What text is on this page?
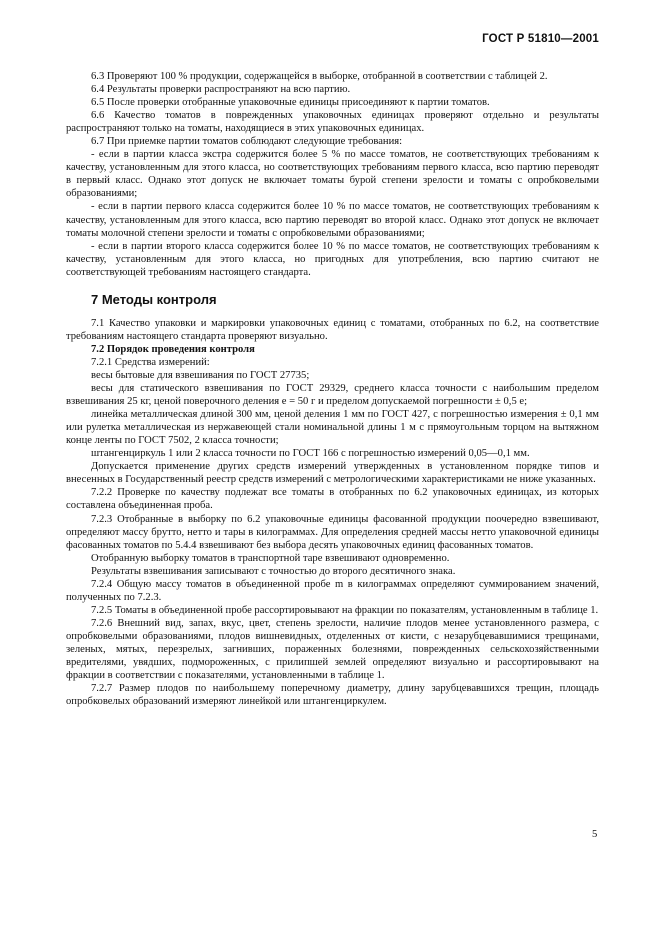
ГОСТ Р 51810—2001

6.3 Проверяют 100 % продукции, содержащейся в выборке, отобранной в соответствии с таблицей 2.

6.4 Результаты проверки распространяют на всю партию.

6.5 После проверки отобранные упаковочные единицы присоединяют к партии томатов.

6.6 Качество томатов в поврежденных упаковочных единицах проверяют отдельно и результаты распространяют только на томаты, находящиеся в этих упаковочных единицах.

6.7 При приемке партии томатов соблюдают следующие требования:

- если в партии класса экстра содержится более 5 % по массе томатов, не соответствующих требованиям к качеству, установленным для этого класса, но соответствующих требованиям первого класса, всю партию переводят в первый класс. Однако этот допуск не включает томаты бурой степени зрелости и томаты с опробковелыми образованиями;

- если в партии первого класса содержится более 10 % по массе томатов, не соответствующих требованиям к качеству, установленным для этого класса, всю партию переводят во второй класс. Однако этот допуск не включает томаты молочной степени зрелости и томаты с опробковелыми образованиями;

- если в партии второго класса содержится более 10 % по массе томатов, не соответствующих требованиям к качеству, установленным для этого класса, но пригодных для употребления, всю партию считают не соответствующей требованиям настоящего стандарта.

7 Методы контроля

7.1 Качество упаковки и маркировки упаковочных единиц с томатами, отобранных по 6.2, на соответствие требованиям настоящего стандарта проверяют визуально.

7.2 Порядок проведения контроля

7.2.1 Средства измерений:

весы бытовые для взвешивания по ГОСТ 27735;

весы для статического взвешивания по ГОСТ 29329, среднего класса точности с наибольшим пределом взвешивания 25 кг, ценой поверочного деления e = 50 г и пределом допускаемой погрешности ± 0,5 e;

линейка металлическая длиной 300 мм, ценой деления 1 мм по ГОСТ 427, с погрешностью измерения ± 0,1 мм или рулетка металлическая из нержавеющей стали номинальной длины 1 м с прямоугольным торцом на вытяжном конце ленты по ГОСТ 7502, 2 класса точности;

штангенциркуль 1 или 2 класса точности по ГОСТ 166 с погрешностью измерений 0,05—0,1 мм.

Допускается применение других средств измерений утвержденных в установленном порядке типов и внесенных в Государственный реестр средств измерений с метрологическими характеристиками не ниже указанных.

7.2.2 Проверке по качеству подлежат все томаты в отобранных по 6.2 упаковочных единицах, из которых составлена объединенная проба.

7.2.3 Отобранные в выборку по 6.2 упаковочные единицы фасованной продукции поочередно взвешивают, определяют массу брутто, нетто и тары в килограммах. Для определения средней массы нетто упаковочной единицы фасованных томатов по 5.4.4 взвешивают без выбора десять упаковочных единиц фасованных томатов.

Отобранную выборку томатов в транспортной таре взвешивают одновременно.

Результаты взвешивания записывают с точностью до второго десятичного знака.

7.2.4 Общую массу томатов в объединенной пробе m в килограммах определяют суммированием значений, полученных по 7.2.3.

7.2.5 Томаты в объединенной пробе рассортировывают на фракции по показателям, установленным в таблице 1.

7.2.6 Внешний вид, запах, вкус, цвет, степень зрелости, наличие плодов менее установленного размера, с опробковелыми образованиями, плодов вишневидных, отделенных от кисти, с незарубцевавшимися трещинами, зеленых, мятых, перезрелых, загнивших, пораженных болезнями, поврежденных сельскохозяйственными вредителями, увядших, подмороженных, с прилипшей землей определяют визуально и рассортировывают на фракции в соответствии с показателями, установленными в таблице 1.

7.2.7 Размер плодов по наибольшему поперечному диаметру, длину зарубцевавшихся трещин, площадь опробковелых образований измеряют линейкой или штангенциркулем.

5
